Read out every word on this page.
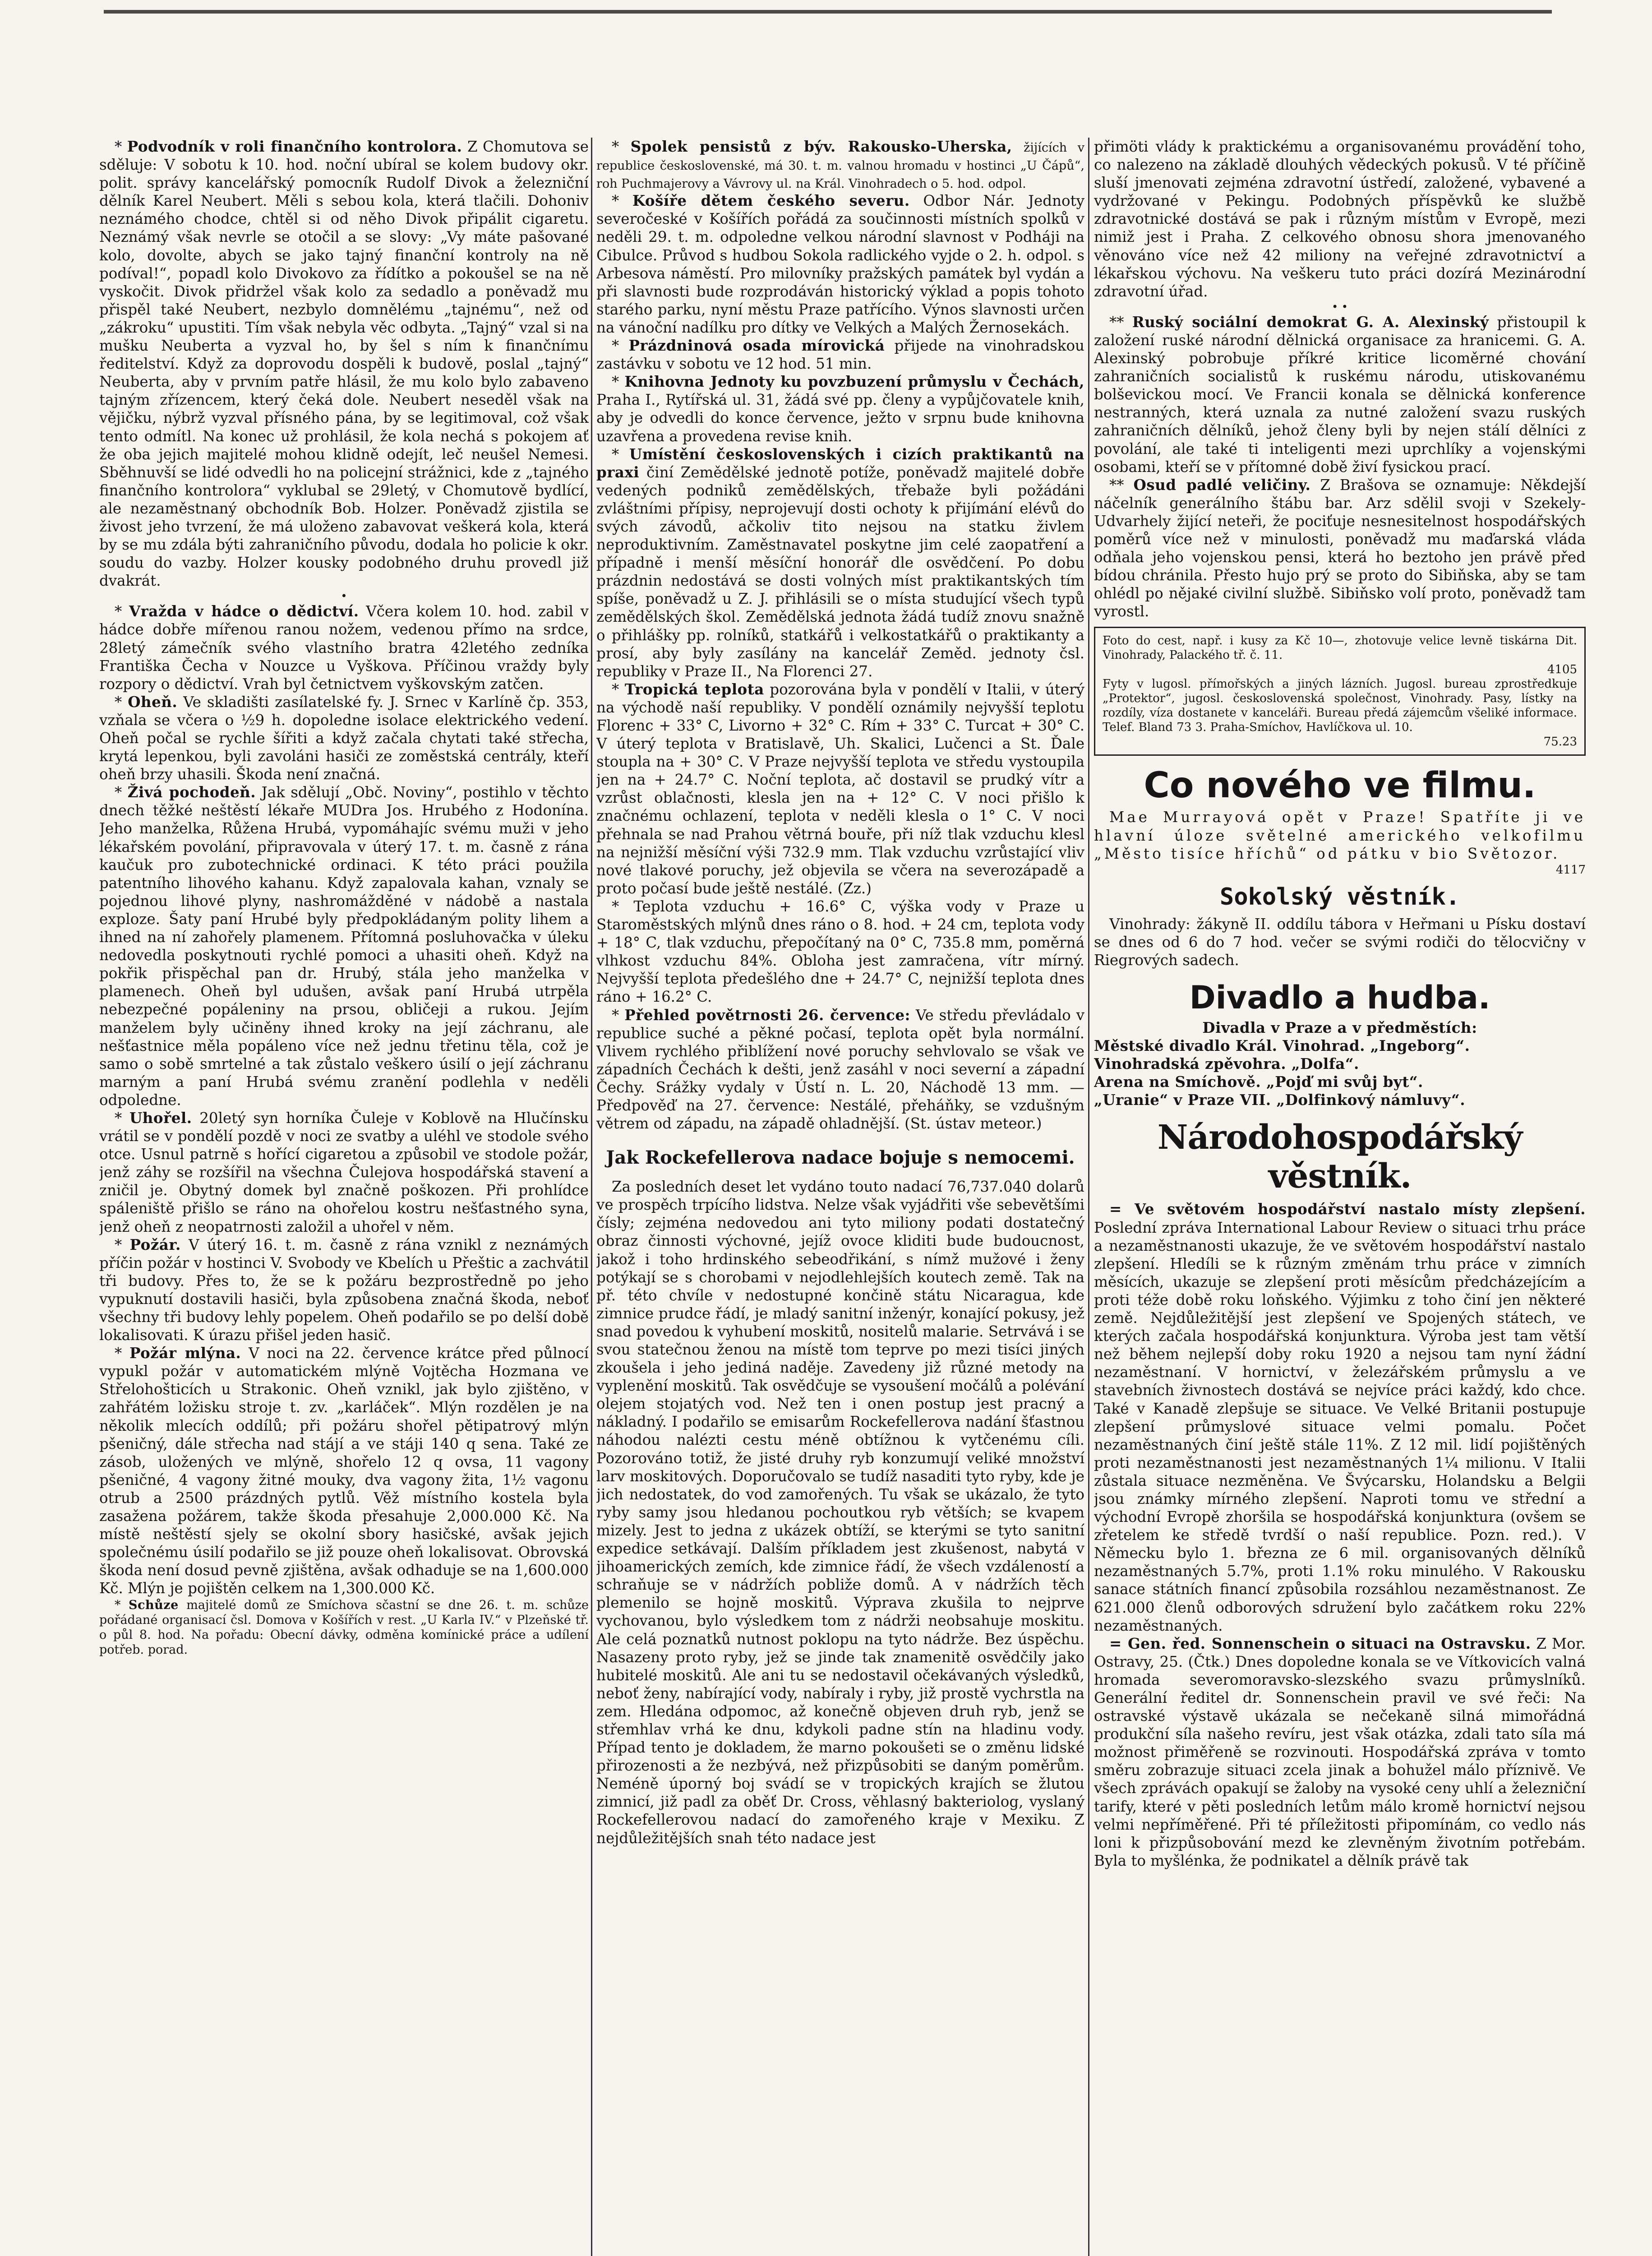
* Podvodník v roli finančního kontrolora. Z Chomutova se sděluje: V sobotu k 10. hod. noční ubíral se kolem budovy okr. polit. správy kancelářský pomocník Rudolf Divok a železniční dělník Karel Neubert. Měli s sebou kola, která tlačili. Dohoniv neznámého chodce, chtěl si od něho Divok připálit cigaretu. Neznámý však nevrle se otočil a se slovy: „Vy máte pašované kolo, dovolte, abych se jako tajný finanční kontroly na ně podíval!“, popadl kolo Divokovo za řídítko a pokoušel se na ně vyskočit. Divok přidržel však kolo za sedadlo a poněvadž mu přispěl také Neubert, nezbylo domnělému „tajnému“, než od „zákroku“ upustiti. Tím však nebyla věc odbyta. „Tajný“ vzal si na mušku Neuberta a vyzval ho, by šel s ním k finančnímu ředitelství. Když za doprovodu dospěli k budově, poslal „tajný“ Neuberta, aby v prvním patře hlásil, že mu kolo bylo zabaveno tajným zřízencem, který čeká dole. Neubert neseděl však na vějičku, nýbrž vyzval přísného pána, by se legitimoval, což však tento odmítl. Na konec už prohlásil, že kola nechá s pokojem ať že oba jejich majitelé mohou klidně odejít, leč neušel Nemesi. Sběhnuvší se lidé odvedli ho na policejní strážnici, kde z „tajného finančního kontrolora“ vyklubal se 29letý, v Chomutově bydlící, ale nezaměstnaný obchodník Bob. Holzer. Poněvadž zjistila se živost jeho tvrzení, že má uloženo zabavovat veškerá kola, která by se mu zdála býti zahraničního původu, dodala ho policie k okr. soudu do vazby. Holzer kousky podobného druhu provedl již dvakrát.

•

* Vražda v hádce o dědictví. Včera kolem 10. hod. zabil v hádce dobře mířenou ranou nožem, vedenou přímo na srdce, 28letý zámečník svého vlastního bratra 42letého zedníka Františka Čecha v Nouzce u Vyškova. Příčinou vraždy byly rozpory o dědictví. Vrah byl četnictvem vyškovským zatčen.

* Oheň. Ve skladišti zasílatelské fy. J. Srnec v Karlíně čp. 353, vzňala se včera o ½9 h. dopoledne isolace elektrického vedení. Oheň počal se rychle šířiti a když začala chytati také střecha, krytá lepenkou, byli zavoláni hasiči ze zoměstská centrály, kteří oheň brzy uhasili. Škoda není značná.

* Živá pochodeň. Jak sdělují „Obč. Noviny“, postihlo v těchto dnech těžké neštěstí lékaře MUDra Jos. Hrubého z Hodonína. Jeho manželka, Růžena Hrubá, vypomáhajíc svému muži v jeho lékařském povolání, připravovala v úterý 17. t. m. časně z rána kaučuk pro zubotechnické ordinaci. K této práci použila patentního lihového kahanu. Když zapalovala kahan, vznaly se pojednou lihové plyny, nashromážděné v nádobě a nastala exploze. Šaty paní Hrubé byly předpokládaným polity lihem a ihned na ní zahořely plamenem. Přítomná posluhovačka v úleku nedovedla poskytnouti rychlé pomoci a uhasiti oheň. Když na pokřik přispěchal pan dr. Hrubý, stála jeho manželka v plamenech. Oheň byl udušen, avšak paní Hrubá utrpěla nebezpečné popáleniny na prsou, obličeji a rukou. Jejím manželem byly učiněny ihned kroky na její záchranu, ale nešťastnice měla popáleno více než jednu třetinu těla, což je samo o sobě smrtelné a tak zůstalo veškero úsilí o její záchranu marným a paní Hrubá svému zranění podlehla v neděli odpoledne.

* Uhořel. 20letý syn horníka Čuleje v Koblově na Hlučínsku vrátil se v pondělí pozdě v noci ze svatby a uléhl ve stodole svého otce. Usnul patrně s hořící cigaretou a způsobil ve stodole požár, jenž záhy se rozšířil na všechna Čulejova hospodářská stavení a zničil je. Obytný domek byl značně poškozen. Při prohlídce spáleniště přišlo se ráno na ohořelou kostru nešťastného syna, jenž oheň z neopatrnosti založil a uhořel v něm.

* Požár. V úterý 16. t. m. časně z rána vznikl z neznámých příčin požár v hostinci V. Svobody ve Kbelích u Přeštic a zachvátil tři budovy. Přes to, že se k požáru bezprostředně po jeho vypuknutí dostavili hasiči, byla způsobena značná škoda, neboť všechny tři budovy lehly popelem. Oheň podařilo se po delší době lokalisovati. K úrazu přišel jeden hasič.

* Požár mlýna. V noci na 22. července krátce před půlnocí vypukl požár v automatickém mlýně Vojtěcha Hozmana ve Střelohošticích u Strakonic. Oheň vznikl, jak bylo zjištěno, v zahřátém ložisku stroje t. zv. „karláček“. Mlýn rozdělen je na několik mlecích oddílů; při požáru shořel pětipatrový mlýn pšeničný, dále střecha nad stájí a ve stáji 140 q sena. Také ze zásob, uložených ve mlýně, shořelo 12 q ovsa, 11 vagony pšeničné, 4 vagony žitné mouky, dva vagony žita, 1½ vagonu otrub a 2500 prázdných pytlů. Věž místního kostela byla zasažena požárem, takže škoda přesahuje 2,000.000 Kč. Na místě neštěstí sjely se okolní sbory hasičské, avšak jejich společnému úsilí podařilo se již pouze oheň lokalisovat. Obrovská škoda není dosud pevně zjištěna, avšak odhaduje se na 1,600.000 Kč. Mlýn je pojištěn celkem na 1,300.000 Kč.

* Schůze majitelé domů ze Smíchova sčastní se dne 26. t. m. schůze pořádané organisací čsl. Domova v Košířích v rest. „U Karla IV.“ v Plzeňské tř. o půl 8. hod. Na pořadu: Obecní dávky, odměna komínické práce a udílení potřeb. porad.

* Spolek pensistů z býv. Rakousko-Uherska, žijících v republice československé, má 30. t. m. valnou hromadu v hostinci „U Čápů“, roh Puchmajerovy a Vávrovy ul. na Král. Vinohradech o 5. hod. odpol.

* Košíře dětem českého severu. Odbor Nár. Jednoty severočeské v Košířích pořádá za součinnosti místních spolků v neděli 29. t. m. odpoledne velkou národní slavnost v Podháji na Cibulce. Průvod s hudbou Sokola radlického vyjde o 2. h. odpol. s Arbesova náměstí. Pro milovníky pražských památek byl vydán a při slavnosti bude rozprodáván historický výklad a popis tohoto starého parku, nyní městu Praze patřícího. Výnos slavnosti určen na vánoční nadílku pro dítky ve Velkých a Malých Žernosekách.

* Prázdninová osada mírovická přijede na vinohradskou zastávku v sobotu ve 12 hod. 51 min.

* Knihovna Jednoty ku povzbuzení průmyslu v Čechách, Praha I., Rytířská ul. 31, žádá své pp. členy a vypůjčovatele knih, aby je odvedli do konce července, ježto v srpnu bude knihovna uzavřena a provedena revise knih.

* Umístění československých i cizích praktikantů na praxi činí Zemědělské jednotě potíže, poněvadž majitelé dobře vedených podniků zemědělských, třebaže byli požádáni zvláštními přípisy, neprojevují dosti ochoty k přijímání elévů do svých závodů, ačkoliv tito nejsou na statku živlem neproduktivním. Zaměstnavatel poskytne jim celé zaopatření a případně i menší měsíční honorář dle osvědčení. Po dobu prázdnin nedostává se dosti volných míst praktikantských tím spíše, poněvadž u Z. J. přihlásili se o místa studující všech typů zemědělských škol. Zemědělská jednota žádá tudíž znovu snažně o přihlášky pp. rolníků, statkářů i velkostatkářů o praktikanty a prosí, aby byly zasílány na kancelář Zeměd. jednoty čsl. republiky v Praze II., Na Florenci 27.

* Tropická teplota pozorována byla v pondělí v Italii, v úterý na východě naší republiky. V pondělí oznámily nejvyšší teplotu Florenc + 33° C, Livorno + 32° C. Rím + 33° C. Turcat + 30° C. V úterý teplota v Bratislavě, Uh. Skalici, Lučenci a St. Ďale stoupla na + 30° C. V Praze nejvyšší teplota ve středu vystoupila jen na + 24.7° C. Noční teplota, ač dostavil se prudký vítr a vzrůst oblačnosti, klesla jen na + 12° C. V noci přišlo k značnému ochlazení, teplota v neděli klesla o 1° C. V noci přehnala se nad Prahou větrná bouře, při níž tlak vzduchu klesl na nejnižší měsíční výši 732.9 mm. Tlak vzduchu vzrůstající vliv nové tlakové poruchy, jež objevila se včera na severozápadě a proto počasí bude ještě nestálé. (Zz.)

* Teplota vzduchu + 16.6° C, výška vody v Praze u Staroměstských mlýnů dnes ráno o 8. hod. + 24 cm, teplota vody + 18° C, tlak vzduchu, přepočítaný na 0° C, 735.8 mm, poměrná vlhkost vzduchu 84%. Obloha jest zamračena, vítr mírný. Nejvyšší teplota předešlého dne + 24.7° C, nejnižší teplota dnes ráno + 16.2° C.

* Přehled povětrnosti 26. července: Ve středu převládalo v republice suché a pěkné počasí, teplota opět byla normální. Vlivem rychlého přiblížení nové poruchy sehvlovalo se však ve západních Čechách k dešti, jenž zasáhl v noci severní a západní Čechy. Srážky vydaly v Ústí n. L. 20, Náchodě 13 mm. — Předpověď na 27. července: Nestálé, přeháňky, se vzdušným větrem od západu, na západě ohladnější. (St. ústav meteor.)

Jak Rockefellerova nadace bojuje s nemocemi.

Za posledních deset let vydáno touto nadací 76,737.040 dolarů ve prospěch trpícího lidstva. Nelze však vyjádřiti vše sebevětšími čísly; zejména nedovedou ani tyto miliony podati dostatečný obraz činnosti výchovné, jejíž ovoce kliditi bude budoucnost, jakož i toho hrdinského sebeodřikání, s nímž mužové i ženy potýkají se s chorobami v nejodlehlejších koutech země. Tak na př. této chvíle v nedostupné končině státu Nicaragua, kde zimnice prudce řádí, je mladý sanitní inženýr, konající pokusy, jež snad povedou k vyhubení moskitů, nositelů malarie. Setrvává i se svou statečnou ženou na místě tom teprve po mezi tisíci jiných zkoušela i jeho jediná naděje. Zavedeny již různé metody na vyplenění moskitů. Tak osvědčuje se vysoušení močálů a polévání olejem stojatých vod. Než ten i onen postup jest pracný a nákladný. I podařilo se emisarům Rockefellerova nadání šťastnou náhodou nalézti cestu méně obtížnou k vytčenému cíli. Pozorováno totiž, že jisté druhy ryb konzumují veliké množství larv moskitových. Doporučovalo se tudíž nasaditi tyto ryby, kde je jich nedostatek, do vod zamořených. Tu však se ukázalo, že tyto ryby samy jsou hledanou pochoutkou ryb větších; se kvapem mizely. Jest to jedna z ukázek obtíží, se kterými se tyto sanitní expedice setkávají. Dalším příkladem jest zkušenost, nabytá v jihoamerických zemích, kde zimnice řádí, že všech vzdáleností a schraňuje se v nádržích pobliže domů. A v nádržích těch plemenilo se hojně moskitů. Výprava zkušila to nejprve vychovanou, bylo výsledkem tom z nádrži neobsahuje moskitu. Ale celá poznatků nutnost poklopu na tyto nádrže. Bez úspěchu. Nasazeny proto ryby, jež se jinde tak znamenitě osvědčily jako hubitelé moskitů. Ale ani tu se nedostavil očekávaných výsledků, neboť ženy, nabírající vody, nabíraly i ryby, již prostě vychrstla na zem. Hledána odpomoc, až konečně objeven druh ryb, jenž se střemhlav vrhá ke dnu, kdykoli padne stín na hladinu vody. Případ tento je dokladem, že marno pokoušeti se o změnu lidské přirozenosti a že nezbývá, než přizpůsobiti se daným poměrům. Neméně úporný boj svádí se v tropických krajích se žlutou zimnicí, již padl za oběť Dr. Cross, věhlasný bakteriolog, vyslaný Rockefellerovou nadací do zamořeného kraje v Mexiku. Z nejdůležitějších snah této nadace jest

přimöti vlády k praktickému a organisovanému provádění toho, co nalezeno na základě dlouhých vědeckých pokusů. V té příčině sluší jmenovati zejména zdravotní ústředí, založené, vybavené a vydržované v Pekingu. Podobných příspěvků ke službě zdravotnické dostává se pak i různým místům v Evropě, mezi nimiž jest i Praha. Z celkového obnosu shora jmenovaného věnováno více než 42 miliony na veřejné zdravotnictví a lékařskou výchovu. Na veškeru tuto práci dozírá Mezinárodní zdravotní úřad.

• •

** Ruský sociální demokrat G. A. Alexinský přistoupil k založení ruské národní dělnická organisace za hranicemi. G. A. Alexinský pobrobuje příkré kritice licoměrné chování zahraničních socialistů k ruskému národu, utiskovanému bolševickou mocí. Ve Francii konala se dělnická konference nestranných, která uznala za nutné založení svazu ruských zahraničních dělníků, jehož členy byli by nejen stálí dělníci z povolání, ale také ti inteligenti mezi uprchlíky a vojenskými osobami, kteří se v přítomné době živí fysickou prací.

** Osud padlé veličiny. Z Brašova se oznamuje: Někdejší náčelník generálního štábu bar. Arz sdělil svoji v Szekely-Udvarhely žijící neteři, že pociťuje nesnesitelnost hospodářských poměrů více než v minulosti, poněvadž mu maďarská vláda odňala jeho vojenskou pensi, která ho beztoho jen právě před bídou chránila. Přesto hujo prý se proto do Sibiňska, aby se tam ohlédl po nějaké civilní službě. Sibiňsko volí proto, poněvadž tam vyrostl.

Foto do cest, např. i kusy za Kč 10—, zhotovuje velice levně tiskárna Dit. Vinohrady, Palackého tř. č. 11.

4105

Fyty v lugosl. přímořských a jiných lázních. Jugosl. bureau zprostředkuje „Protektor“, jugosl. československá společnost, Vinohrady. Pasy, lístky na rozdíly, víza dostanete v kanceláři. Bureau předá zájemcům všeliké informace. Telef. Bland 73 3. Praha-Smíchov, Havlíčkova ul. 10.

75.23

Co nového ve filmu.

Mae Murrayová opět v Praze! Spatříte ji ve hlavní úloze světelné amerického velkofilmu „Město tisíce hříchů“ od pátku v bio Světozor.

4117

Sokolský věstník.

Vinohrady: žákyně II. oddílu tábora v Heřmani u Písku dostaví se dnes od 6 do 7 hod. večer se svými rodiči do tělocvičny v Riegrových sadech.

Divadlo a hudba.

Divadla v Praze a v předměstích:

Městské divadlo Král. Vinohrad. „Ingeborg“.

Vinohradská zpěvohra. „Dolfa“.

Arena na Smíchově. „Pojď mi svůj byt“.

„Uranie“ v Praze VII. „Dolfinkový námluvy“.

Národohospodářský věstník.

= Ve světovém hospodářství nastalo místy zlepšení. Poslední zpráva International Labour Review o situaci trhu práce a nezaměstnanosti ukazuje, že ve světovém hospodářství nastalo zlepšení. Hledíli se k různým změnám trhu práce v zimních měsících, ukazuje se zlepšení proti měsícům předcházejícím a proti téže době roku loňského. Výjimku z toho činí jen některé země. Nejdůležitější jest zlepšení ve Spojených státech, ve kterých začala hospodářská konjunktura. Výroba jest tam větší než během nejlepší doby roku 1920 a nejsou tam nyní žádní nezaměstnaní. V hornictví, v železářském průmyslu a ve stavebních živnostech dostává se nejvíce práci každý, kdo chce. Také v Kanadě zlepšuje se situace. Ve Velké Britanii postupuje zlepšení průmyslové situace velmi pomalu. Počet nezaměstnaných činí ještě stále 11%. Z 12 mil. lidí pojištěných proti nezaměstnanosti jest nezaměstnaných 1¼ milionu. V Italii zůstala situace nezměněna. Ve Švýcarsku, Holandsku a Belgii jsou známky mírného zlepšení. Naproti tomu ve střední a východní Evropě zhoršila se hospodářská konjunktura (ovšem se zřetelem ke středě tvrdší o naší republice. Pozn. red.). V Německu bylo 1. března ze 6 mil. organisovaných dělníků nezaměstnaných 5.7%, proti 1.1% roku minulého. V Rakousku sanace státních financí způsobila rozsáhlou nezaměstnanost. Ze 621.000 členů odborových sdružení bylo začátkem roku 22% nezaměstnaných.

= Gen. řed. Sonnenschein o situaci na Ostravsku. Z Mor. Ostravy, 25. (Čtk.) Dnes dopoledne konala se ve Vítkovicích valná hromada severomoravsko-slezského svazu průmyslníků. Generální ředitel dr. Sonnenschein pravil ve své řeči: Na ostravské výstavě ukázala se nečekaně silná mimořádná produkční síla našeho revíru, jest však otázka, zdali tato síla má možnost přiměřeně se rozvinouti. Hospodářská zpráva v tomto směru zobrazuje situaci zcela jinak a bohužel málo příznivě. Ve všech zprávách opakují se žaloby na vysoké ceny uhlí a železniční tarify, které v pěti posledních letům málo kromě hornictví nejsou velmi nepříměřené. Při té příležitosti připomínám, co vedlo nás loni k přizpůsobování mezd ke zlevněným životním potřebám. Byla to myšlénka, že podnikatel a dělník právě tak
